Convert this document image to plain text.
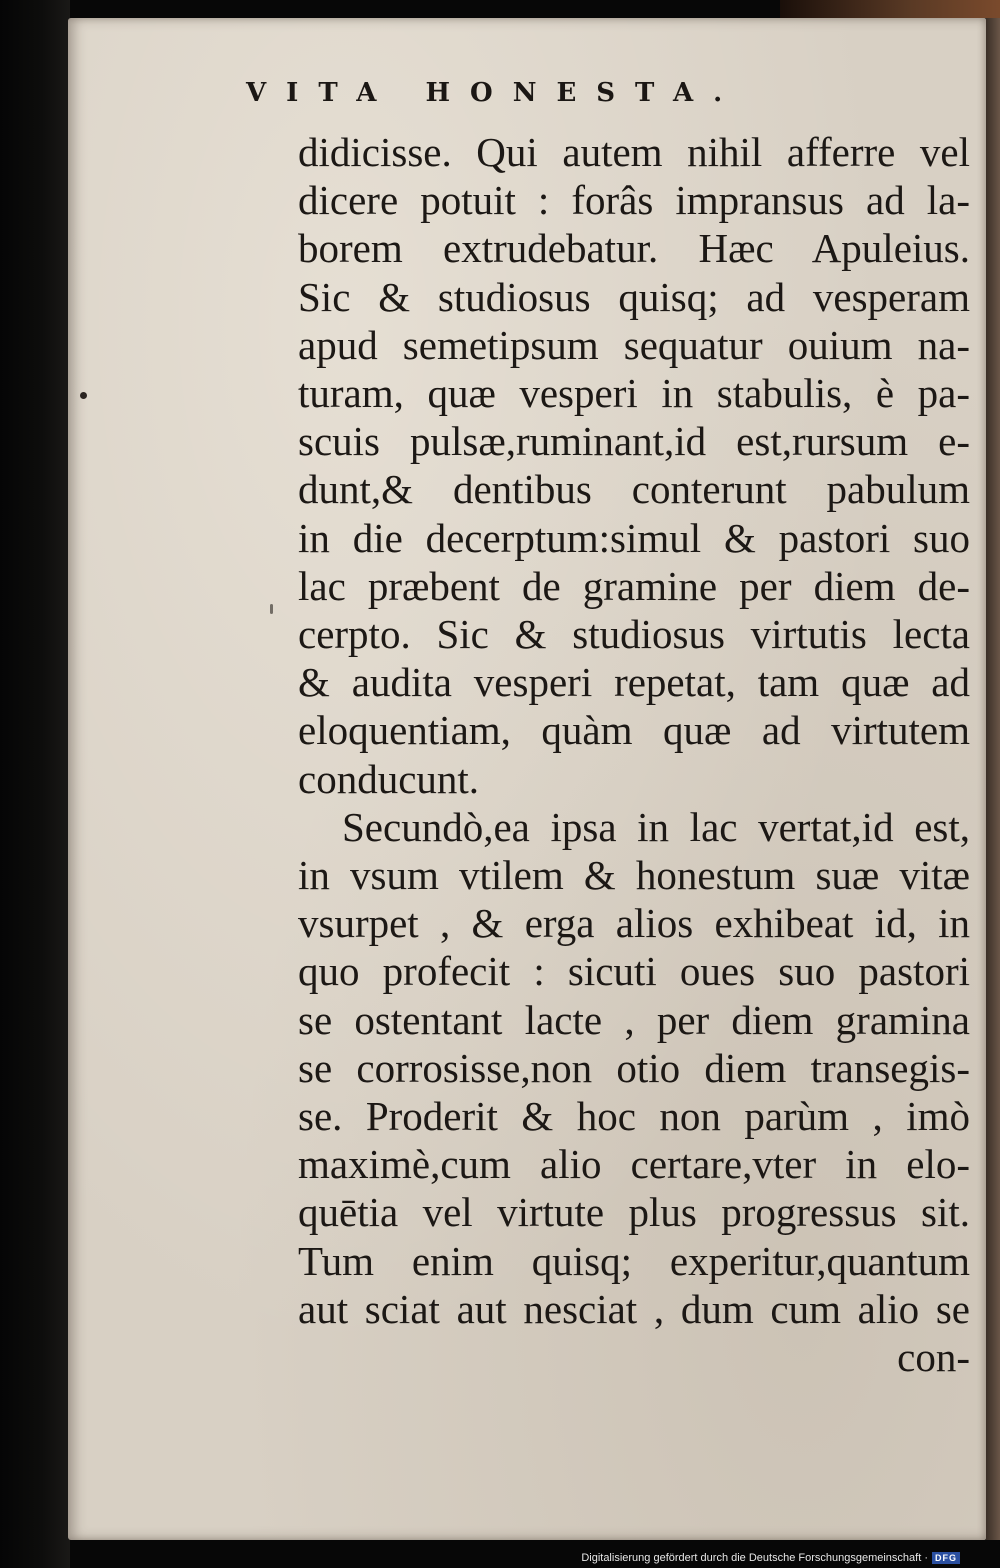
VITA HONESTA.
didicisse. Qui autem nihil afferre vel
dicere potuit : forâs impransus ad la-
borem extrudebatur. Hæc Apuleius.
Sic & studiosus quisq; ad vesperam
apud semetipsum sequatur ouium na-
turam, quæ vesperi in stabulis, è pa-
scuis pulsæ,ruminant,id est,rursum e-
dunt,& dentibus conterunt pabulum
in die decerptum:simul & pastori suo
lac præbent de gramine per diem de-
cerpto. Sic & studiosus virtutis lecta
& audita vesperi repetat, tam quæ ad
eloquentiam, quàm quæ ad virtutem
conducunt.
Secundò,ea ipsa in lac vertat,id est,
in vsum vtilem & honestum suæ vitæ
vsurpet , & erga alios exhibeat id, in
quo profecit : sicuti oues suo pastori
se ostentant lacte , per diem gramina
se corrosisse,non otio diem transegis-
se. Proderit & hoc non parùm , imò
maximè,cum alio certare,vter in elo-
quētia vel virtute plus progressus sit.
Tum enim quisq; experitur,quantum
aut sciat aut nesciat , dum cum alio se
con-
Digitalisierung gefördert durch die Deutsche Forschungsgemeinschaft · DFG
